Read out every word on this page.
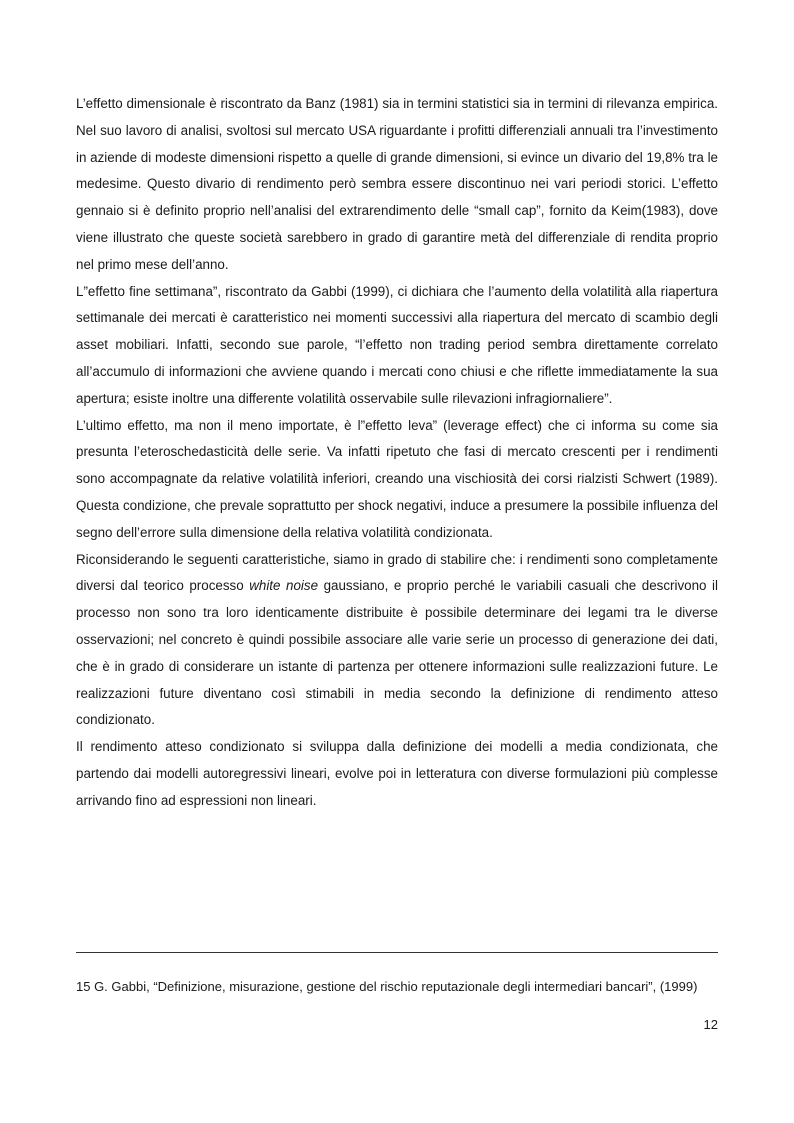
L’effetto dimensionale è riscontrato da Banz (1981) sia in termini statistici sia in termini di rilevanza empirica. Nel suo lavoro di analisi, svoltosi sul mercato USA riguardante i profitti differenziali annuali tra l’investimento in aziende di modeste dimensioni rispetto a quelle di grande dimensioni, si evince un divario del 19,8% tra le medesime. Questo divario di rendimento però sembra essere discontinuo nei vari periodi storici. L’effetto gennaio si è definito proprio nell’analisi del extrarendimento delle “small cap”, fornito da Keim(1983), dove viene illustrato che queste società sarebbero in grado di garantire metà del differenziale di rendita proprio nel primo mese dell’anno.

L”effetto fine settimana”, riscontrato da Gabbi (1999), ci dichiara che l’aumento della volatilità alla riapertura settimanale dei mercati è caratteristico nei momenti successivi alla riapertura del mercato di scambio degli asset mobiliari. Infatti, secondo sue parole, “l’effetto non trading period sembra direttamente correlato all’accumulo di informazioni che avviene quando i mercati cono chiusi e che riflette immediatamente la sua apertura; esiste inoltre una differente volatilità osservabile sulle rilevazioni infragiornaliere”.

L’ultimo effetto, ma non il meno importate, è l”effetto leva” (leverage effect) che ci informa su come sia presunta l’eteroschedasticità delle serie. Va infatti ripetuto che fasi di mercato crescenti per i rendimenti sono accompagnate da relative volatilità inferiori, creando una vischiosità dei corsi rialzisti Schwert (1989). Questa condizione, che prevale soprattutto per shock negativi, induce a presumere la possibile influenza del segno dell’errore sulla dimensione della relativa volatilità condizionata.

Riconsiderando le seguenti caratteristiche, siamo in grado di stabilire che: i rendimenti sono completamente diversi dal teorico processo white noise gaussiano, e proprio perché le variabili casuali che descrivono il processo non sono tra loro identicamente distribuite è possibile determinare dei legami tra le diverse osservazioni; nel concreto è quindi possibile associare alle varie serie un processo di generazione dei dati, che è in grado di considerare un istante di partenza per ottenere informazioni sulle realizzazioni future. Le realizzazioni future diventano così stimabili in media secondo la definizione di rendimento atteso condizionato.

Il rendimento atteso condizionato si sviluppa dalla definizione dei modelli a media condizionata, che partendo dai modelli autoregressivi lineari, evolve poi in letteratura con diverse formulazioni più complesse arrivando fino ad espressioni non lineari.

15 G. Gabbi, “Definizione, misurazione, gestione del rischio reputazionale degli intermediari bancari”, (1999)

12
